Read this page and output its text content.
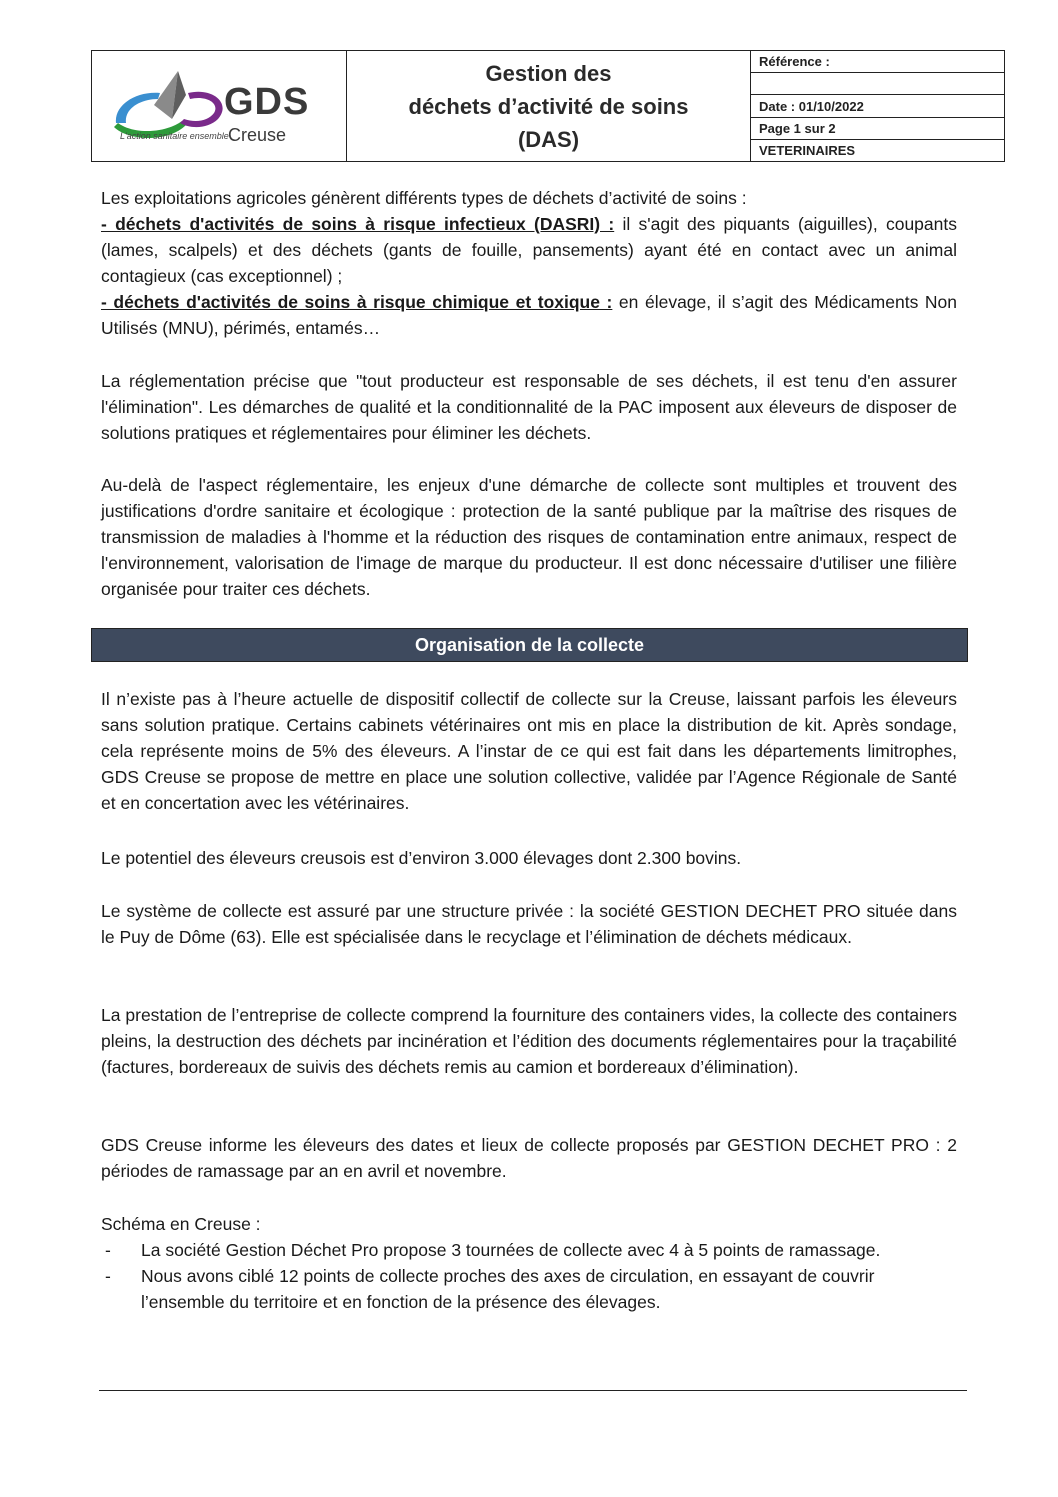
GDS
Creuse
L'action sanitaire ensemble
Gestion des
déchets d’activité de soins
(DAS)
Référence :
Date : 01/10/2022
Page 1 sur 2
VETERINAIRES

Les exploitations agricoles génèrent différents types de déchets d’activité de soins :

- déchets d'activités de soins à risque infectieux (DASRI) : il s'agit des piquants (aiguilles), coupants (lames, scalpels) et des déchets (gants de fouille, pansements) ayant été en contact avec un animal contagieux (cas exceptionnel) ;

- déchets d'activités de soins à risque chimique et toxique : en élevage, il s’agit des Médicaments Non Utilisés (MNU), périmés, entamés…

La réglementation précise que "tout producteur est responsable de ses déchets, il est tenu d'en assurer l'élimination". Les démarches de qualité et la conditionnalité de la PAC imposent aux éleveurs de disposer de solutions pratiques et réglementaires pour éliminer les déchets.
Au-delà de l'aspect réglementaire, les enjeux d'une démarche de collecte sont multiples et trouvent des justifications d'ordre sanitaire et écologique : protection de la santé publique par la maîtrise des risques de transmission de maladies à l'homme et la réduction des risques de contamination entre animaux, respect de l'environnement, valorisation de l'image de marque du producteur. Il est donc nécessaire d'utiliser une filière organisée pour traiter ces déchets.
Organisation de la collecte
Il n’existe pas à l’heure actuelle de dispositif collectif de collecte sur la Creuse, laissant parfois les éleveurs sans solution pratique. Certains cabinets vétérinaires ont mis en place la distribution de kit. Après sondage, cela représente moins de 5% des éleveurs. A l’instar de ce qui est fait dans les départements limitrophes, GDS Creuse se propose de mettre en place une solution collective, validée par l’Agence Régionale de Santé et en concertation avec les vétérinaires.
Le potentiel des éleveurs creusois est d’environ 3.000 élevages dont 2.300 bovins.
Le système de collecte est assuré par une structure privée : la société GESTION DECHET PRO située dans le Puy de Dôme (63). Elle est spécialisée dans le recyclage et l’élimination de déchets médicaux.
La prestation de l’entreprise de collecte comprend la fourniture des containers vides, la collecte des containers pleins, la destruction des déchets par incinération et l’édition des documents réglementaires pour la traçabilité (factures, bordereaux de suivis des déchets remis au camion et bordereaux d’élimination).
GDS Creuse informe les éleveurs des dates et lieux de collecte proposés par GESTION DECHET PRO : 2 périodes de ramassage par an en avril et novembre.
Schéma en Creuse :
-	La société Gestion Déchet Pro propose 3 tournées de collecte avec 4 à 5 points de ramassage.
-	Nous avons ciblé 12 points de collecte proches des axes de circulation, en essayant de couvrir l’ensemble du territoire et en fonction de la présence des élevages.
